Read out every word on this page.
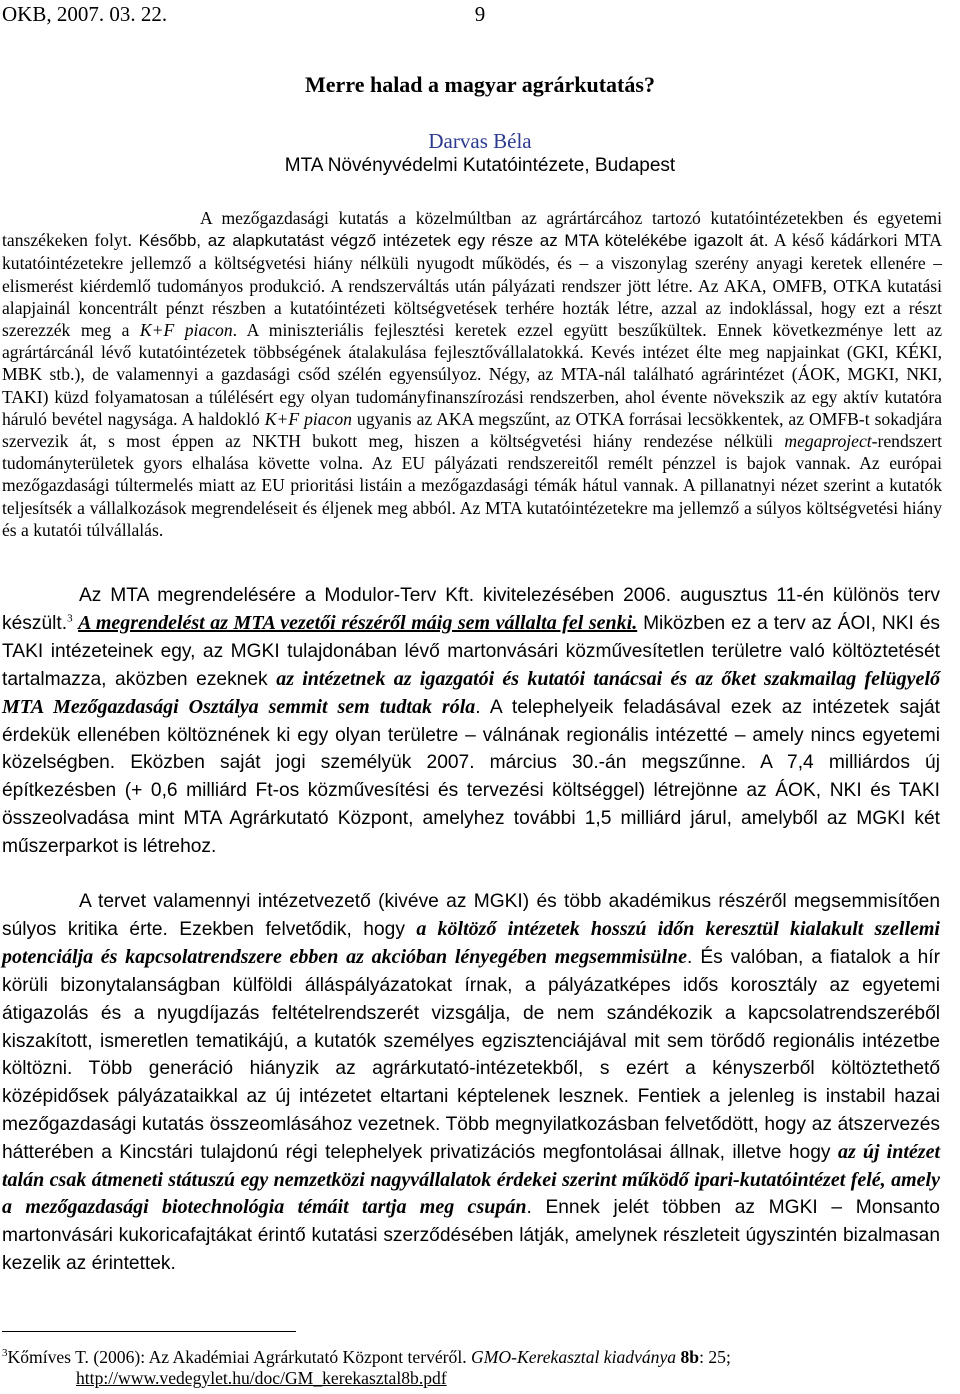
OKB, 2007. 03. 22.	9
Merre halad a magyar agrárkutatás?
Darvas Béla
MTA Növényvédelmi Kutatóintézete, Budapest
A mezőgazdasági kutatás a közelmúltban az agrártárcához tartozó kutatóintézetekben és egyetemi tanszékeken folyt. Később, az alapkutatást végző intézetek egy része az MTA kötelékébe igazolt át. A késő kádárkori MTA kutatóintézetekre jellemző a költségvetési hiány nélküli nyugodt működés, és – a viszonylag szerény anyagi keretek ellenére – elismerést kiérdemlő tudományos produkció. A rendszerváltás után pályázati rendszer jött létre. Az AKA, OMFB, OTKA kutatási alapjainál koncentrált pénzt részben a kutatóintézeti költségvetések terhére hozták létre, azzal az indoklással, hogy ezt a részt szerezzék meg a K+F piacon. A miniszteriális fejlesztési keretek ezzel együtt beszűkültek. Ennek következménye lett az agrártárcánál lévő kutatóintézetek többségének átalakulása fejlesztővállalatokká. Kevés intézet élte meg napjainkat (GKI, KÉKI, MBK stb.), de valamennyi a gazdasági csőd szélén egyensúlyoz. Négy, az MTA-nál található agrárintézet (ÁOK, MGKI, NKI, TAKI) küzd folyamatosan a túlélésért egy olyan tudományfinanszírozási rendszerben, ahol évente növekszik az egy aktív kutatóra háruló bevétel nagysága. A haldokló K+F piacon ugyanis az AKA megszűnt, az OTKA forrásai lecsökkentek, az OMFB-t sokadjára szervezik át, s most éppen az NKTH bukott meg, hiszen a költségvetési hiány rendezése nélküli megaproject-rendszert tudományterületek gyors elhalása követte volna. Az EU pályázati rendszereitől remélt pénzzel is bajok vannak. Az európai mezőgazdasági túltermelés miatt az EU prioritási listáin a mezőgazdasági témák hátul vannak. A pillanatnyi nézet szerint a kutatók teljesítsék a vállalkozások megrendeléseit és éljenek meg abból. Az MTA kutatóintézetekre ma jellemző a súlyos költségvetési hiány és a kutatói túlvállalás.
Az MTA megrendelésére a Modulor-Terv Kft. kivitelezésében 2006. augusztus 11-én különös terv készült.$^3$ A megrendelést az MTA vezetői részéről máig sem vállalta fel senki. Miközben ez a terv az ÁOI, NKI és TAKI intézeteinek egy, az MGKI tulajdonában lévő martonvásári közművesítetlen területre való költöztetését tartalmazza, aközben ezeknek az intézetnek az igazgatói és kutatói tanácsai és az őket szakmailag felügyelő MTA Mezőgazdasági Osztálya semmit sem tudtak róla. A telephelyeik feladásával ezek az intézetek saját érdekük ellenében költöznének ki egy olyan területre – válnának regionális intézetté – amely nincs egyetemi közelségben. Eközben saját jogi személyük 2007. március 30.-án megszűnne. A 7,4 milliárdos új építkezésben (+ 0,6 milliárd Ft-os közművesítési és tervezési költséggel) létrejönne az ÁOK, NKI és TAKI összeolvadása mint MTA Agrárkutató Központ, amelyhez további 1,5 milliárd járul, amelyből az MGKI két műszerparkot is létrehoz.
A tervet valamennyi intézetvezető (kivéve az MGKI) és több akadémikus részéről megsemmisítően súlyos kritika érte. Ezekben felvetődik, hogy a költöző intézetek hosszú időn keresztül kialakult szellemi potenciálja és kapcsolatrendszere ebben az akcióban lényegében megsemmisülne. És valóban, a fiatalok a hír körüli bizonytalanságban külföldi álláspályázatokat írnak, a pályázatképes idős korosztály az egyetemi átigazolás és a nyugdíjazás feltételrendszerét vizsgálja, de nem szándékozik a kapcsolatrendszeréből kiszakított, ismeretlen tematikájú, a kutatók személyes egzisztenciájával mit sem törődő regionális intézetbe költözni. Több generáció hiányzik az agrárkutató-intézetekből, s ezért a kényszerből költöztethető középidősek pályázataikkal az új intézetet eltartani képtelenek lesznek. Fentiek a jelenleg is instabil hazai mezőgazdasági kutatás összeomlásához vezetnek. Több megnyilatkozásban felvetődött, hogy az átszervezés hátterében a Kincstári tulajdonú régi telephelyek privatizációs megfontolásai állnak, illetve hogy az új intézet talán csak átmeneti státuszú egy nemzetközi nagyvállalatok érdekei szerint működő ipari-kutatóintézet felé, amely a mezőgazdasági biotechnológia témáit tartja meg csupán. Ennek jelét többen az MGKI – Monsanto martonvásári kukoricafajtákat érintő kutatási szerződésében látják, amelynek részleteit úgyszintén bizalmasan kezelik az érintettek.
$^3$Kőmíves T. (2006): Az Akadémiai Agrárkutató Központ tervéről. GMO-Kerekasztal kiadványa 8b: 25;
http://www.vedegylet.hu/doc/GM_kerekasztal8b.pdf
